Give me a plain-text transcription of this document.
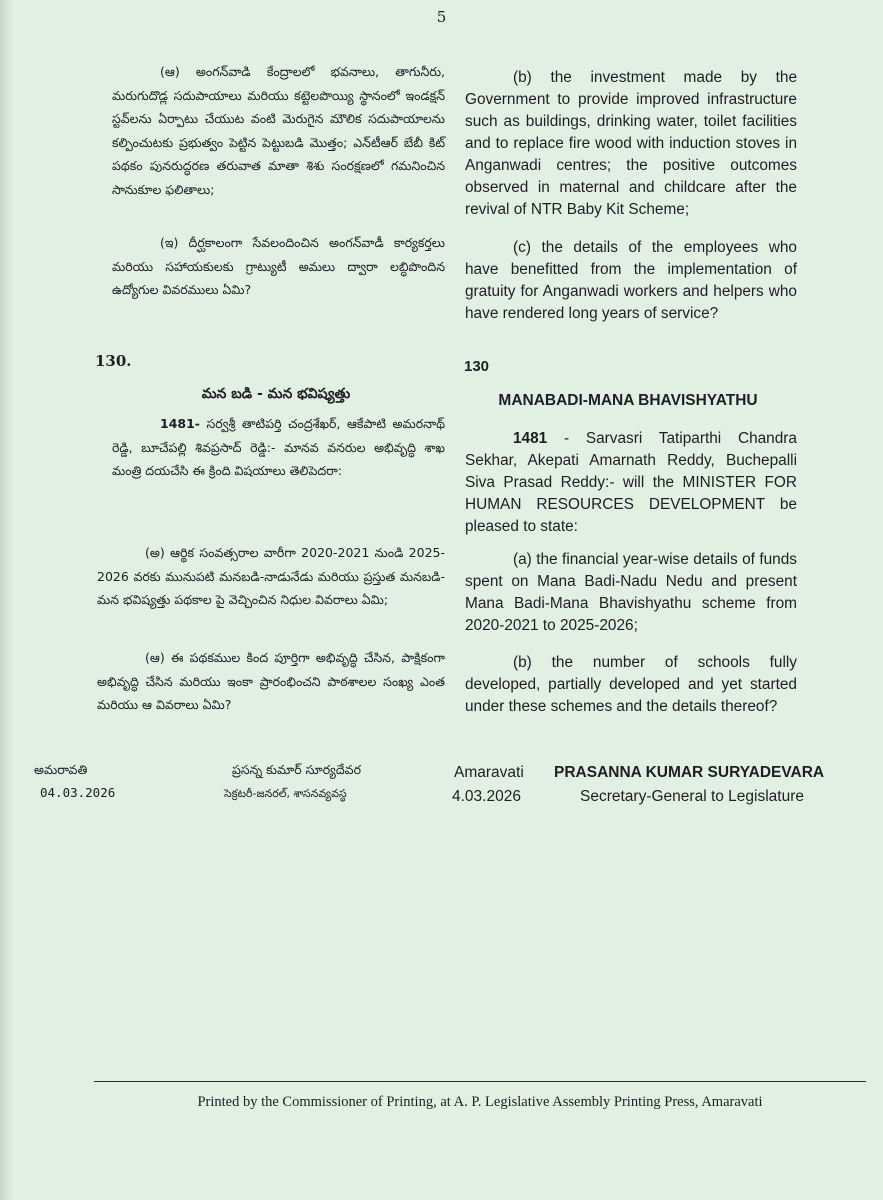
5

(ఆ) అంగన్‌వాడి కేంద్రాలలో భవనాలు, తాగునీరు, మరుగుదొడ్ల సదుపాయాలు మరియు కట్టెలపొయ్యి స్థానంలో ఇండక్షన్ స్టవ్‌లను ఏర్పాటు చేయుట వంటి మెరుగైన మౌలిక సదుపాయాలను కల్పించుటకు ప్రభుత్వం పెట్టిన పెట్టుబడి మొత్తం; ఎన్‌టీఆర్ బేబీ కిట్ పథకం పునరుద్ధరణ తరువాత మాతా శిశు సంరక్షణలో గమనించిన సానుకూల ఫలితాలు;

(ఇ) దీర్ఘకాలంగా సేవలందించిన అంగన్‌వాడీ కార్యకర్తలు మరియు సహాయకులకు గ్రాట్యుటీ అమలు ద్వారా లబ్ధిపొందిన ఉద్యోగుల వివరములు ఏమి?

130.

మన బడి - మన భవిష్యత్తు

1481- సర్వశ్రీ తాటిపర్తి చంద్రశేఖర్, ఆకేపాటి అమరనాథ్ రెడ్డి, బూచేపల్లి శివప్రసాద్ రెడ్డి:- మానవ వనరుల అభివృద్ధి శాఖ మంత్రి దయచేసి ఈ క్రింది విషయాలు తెలిపెదరా:

(అ) ఆర్థిక సంవత్సరాల వారీగా 2020-2021 నుండి 2025-2026 వరకు మునుపటి మనబడి-నాడునేడు మరియు ప్రస్తుత మనబడి-మన భవిష్యత్తు పథకాల పై వెచ్చించిన నిధుల వివరాలు ఏమి;

(ఆ) ఈ పథకముల కింద పూర్తిగా అభివృద్ధి చేసిన, పాక్షికంగా అభివృద్ధి చేసిన మరియు ఇంకా ప్రారంభించని పాఠశాలల సంఖ్య ఎంత మరియు ఆ వివరాలు ఏమి?

అమరావతి

04.03.2026

ప్రసన్న కుమార్ సూర్యదేవర

సెక్రటరీ-జనరల్, శాసనవ్యవస్థ

(b) the investment made by the Government to provide improved infrastructure such as buildings, drinking water, toilet facilities and to replace fire wood with induction stoves in Anganwadi centres; the positive outcomes observed in maternal and childcare after the revival of NTR Baby Kit Scheme;

(c) the details of the employees who have benefitted from the implementation of gratuity for Anganwadi workers and helpers who have rendered long years of service?

130

MANABADI-MANA BHAVISHYATHU

1481 - Sarvasri Tatiparthi Chandra Sekhar, Akepati Amarnath Reddy, Buchepalli Siva Prasad Reddy:- will the MINISTER FOR HUMAN RESOURCES DEVELOPMENT be pleased to state:

(a) the financial year-wise details of funds spent on Mana Badi-Nadu Nedu and present Mana Badi-Mana Bhavishyathu scheme from 2020-2021 to 2025-2026;

(b) the number of schools fully developed, partially developed and yet started under these schemes and the details thereof?

Amaravati

4.03.2026

PRASANNA KUMAR SURYADEVARA

Secretary-General to Legislature

Printed by the Commissioner of Printing, at A. P. Legislative Assembly Printing Press, Amaravati
